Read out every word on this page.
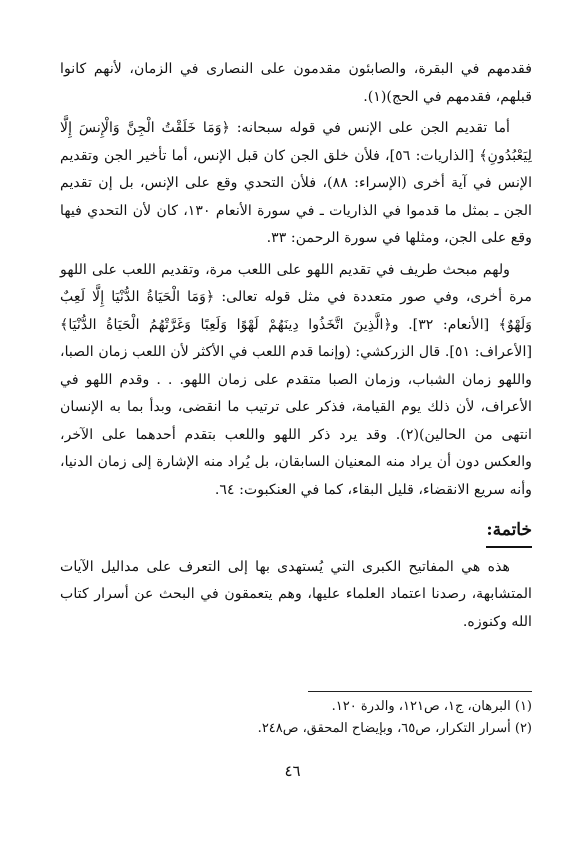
فقدمهم في البقرة، والصابئون مقدمون على النصارى في الزمان، لأنهم كانوا قبلهم، فقدمهم في الحج)(١).

أما تقديم الجن على الإنس في قوله سبحانه: ﴿وَمَا خَلَقْتُ الْجِنَّ وَالْإِنسَ إِلَّا لِيَعْبُدُونِ﴾ [الذاريات: ٥٦]، فلأن خلق الجن كان قبل الإنس، أما تأخير الجن وتقديم الإنس في آية أخرى (الإسراء: ٨٨)، فلأن التحدي وقع على الإنس، بل إن تقديم الجن ـ بمثل ما قدموا في الذاريات ـ في سورة الأنعام ١٣٠، كان لأن التحدي فيها وقع على الجن، ومثلها في سورة الرحمن: ٣٣.

ولهم مبحث طريف في تقديم اللهو على اللعب مرة، وتقديم اللعب على اللهو مرة أخرى، وفي صور متعددة في مثل قوله تعالى: ﴿وَمَا الْحَيَاةُ الدُّنْيَا إِلَّا لَعِبٌ وَلَهْوٌ﴾ [الأنعام: ٣٢]. و﴿الَّذِينَ اتَّخَذُوا دِينَهُمْ لَهْوًا وَلَعِبًا وَغَرَّتْهُمُ الْحَيَاةُ الدُّنْيَا﴾ [الأعراف: ٥١]. قال الزركشي: (وإنما قدم اللعب في الأكثر لأن اللعب زمان الصبا، واللهو زمان الشباب، وزمان الصبا متقدم على زمان اللهو. . . وقدم اللهو في الأعراف، لأن ذلك يوم القيامة، فذكر على ترتيب ما انقضى، وبدأ بما به الإنسان انتهى من الحالين)(٢). وقد يرد ذكر اللهو واللعب بتقدم أحدهما على الآخر، والعكس دون أن يراد منه المعنيان السابقان، بل يُراد منه الإشارة إلى زمان الدنيا، وأنه سريع الانقضاء، قليل البقاء، كما في العنكبوت: ٦٤.

خاتمة:

هذه هي المفاتيح الكبرى التي يُستهدى بها إلى التعرف على مداليل الآيات المتشابهة، رصدنا اعتماد العلماء عليها، وهم يتعمقون في البحث عن أسرار كتاب الله وكنوزه.

(١) البرهان، ج١، ص١٢١، والدرة ١٢٠.

(٢) أسرار التكرار، ص٦٥، وبإيضاح المحقق، ص٢٤٨.

٤٦
